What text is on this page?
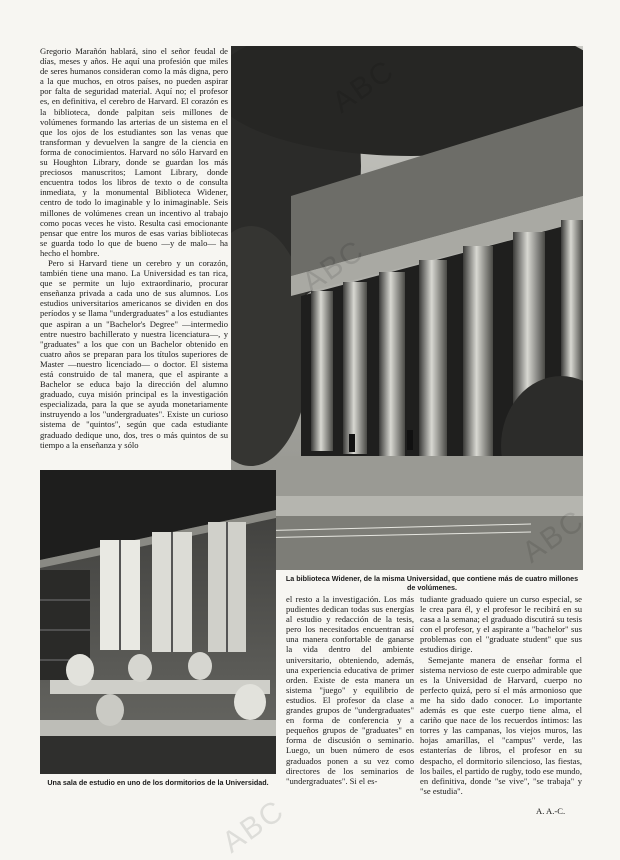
Gregorio Marañón hablará, sino el señor feudal de días, meses y años. He aquí una profesión que miles de seres humanos consideran como la más digna, pero a la que muchos, en otros países, no pueden aspirar por falta de seguridad material. Aquí no; el profesor es, en definitiva, el cerebro de Harvard. El corazón es la biblioteca, donde palpitan seis millones de volúmenes formando las arterias de un sistema en el que los ojos de los estudiantes son las venas que transforman y devuelven la sangre de la ciencia en forma de conocimientos. Harvard no sólo Harvard en su Houghton Library, donde se guardan los más preciosos manuscritos; Lamont Library, donde encuentra todos los libros de texto o de consulta inmediata, y la monumental Biblioteca Widener, centro de todo lo imaginable y lo inimaginable. Seis millones de volúmenes crean un incentivo al trabajo como pocas veces he visto. Resulta casi emocionante pensar que entre los muros de esas varias bibliotecas se guarda todo lo que de bueno —y de malo— ha hecho el hombre.

Pero si Harvard tiene un cerebro y un corazón, también tiene una mano. La Universidad es tan rica, que se permite un lujo extraordinario, procurar enseñanza privada a cada uno de sus alumnos. Los estudios universitarios americanos se dividen en dos períodos y se llama "undergraduates" a los estudiantes que aspiran a un "Bachelor's Degree" —intermedio entre nuestro bachillerato y nuestra licenciatura—, y "graduates" a los que con un Bachelor obtenido en cuatro años se preparan para los títulos superiores de Master —nuestro licenciado— o doctor. El sistema está construido de tal manera, que el aspirante a Bachelor se educa bajo la dirección del alumno graduado, cuya misión principal es la investigación especializada, para la que se ayuda monetariamente instruyendo a los "undergraduates". Existe un curioso sistema de "quintos", según que cada estudiante graduado dedique uno, dos, tres o más quintos de su tiempo a la enseñanza y sólo

La biblioteca Widener, de la misma Universidad, que contiene más de cuatro millones de volúmenes.
Una sala de estudio en uno de los dormitorios de la Universidad.

el resto a la investigación. Los más pudientes dedican todas sus energías al estudio y redacción de la tesis, pero los necesitados encuentran así una manera confortable de ganarse la vida dentro del ambiente universitario, obteniendo, además, una experiencia educativa de primer orden. Existe de esta manera un sistema "juego" y equilibrio de estudios. El profesor da clase a grandes grupos de "undergraduates" en forma de conferencia y a pequeños grupos de "graduates" en forma de discusión o seminario. Luego, un buen número de esos graduados ponen a su vez como directores de los seminarios de "undergraduates". Si el es-

tudiante graduado quiere un curso especial, se le crea para él, y el profesor le recibirá en su casa a la semana; el graduado discutirá su tesis con el profesor, y el aspirante a "bachelor" sus problemas con el "graduate student" que sus estudios dirige.

Semejante manera de enseñar forma el sistema nervioso de este cuerpo admirable que es la Universidad de Harvard, cuerpo no perfecto quizá, pero sí el más armonioso que me ha sido dado conocer. Lo importante además es que este cuerpo tiene alma, el cariño que nace de los recuerdos íntimos: las torres y las campanas, los viejos muros, las hojas amarillas, el "campus" verde, las estanterías de libros, el profesor en su despacho, el dormitorio silencioso, las fiestas, los bailes, el partido de rugby, todo ese mundo, en definitiva, donde "se vive", "se trabaja" y "se estudia".

A. A.-C.
ABC
